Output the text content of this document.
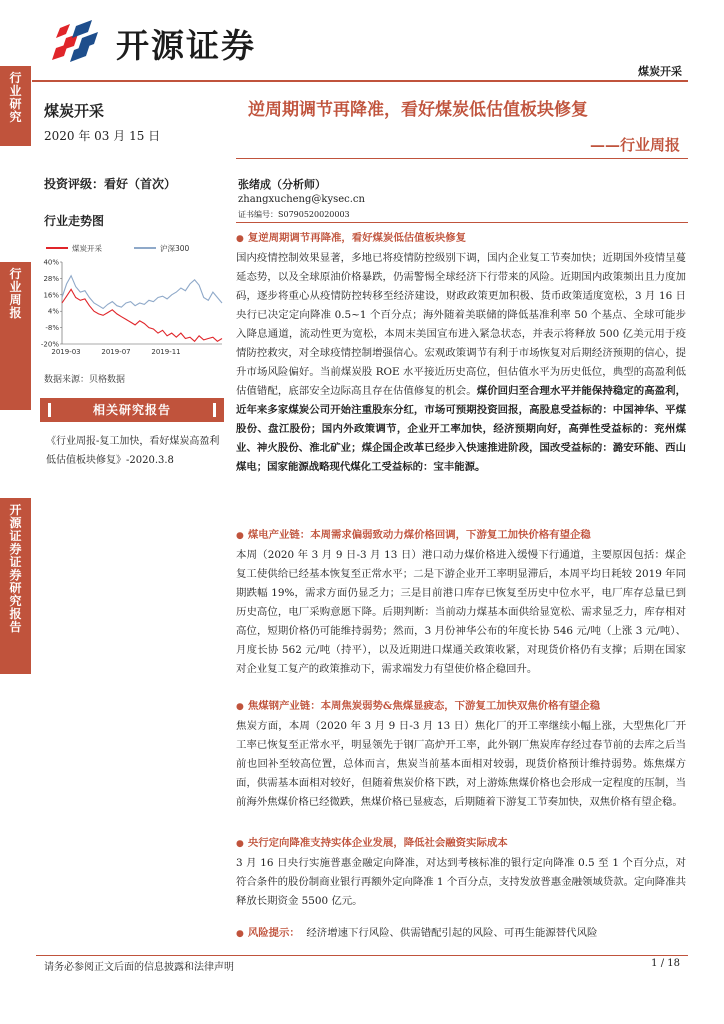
行业研究
行业周报
开源证券 证券研究报告
开源证券
煤炭开采
煤炭开采
2020 年 03 月 15 日
投资评级：看好（首次）
行业走势图
煤炭开采	沪深300
40%
28%
16%
4%
-8%
-20%
2019-03	2019-07	2019-11
数据来源：贝格数据
相关研究报告
《行业周报-复工加快，看好煤炭高盈利低估值板块修复》-2020.3.8
逆周期调节再降准，看好煤炭低估值板块修复
——行业周报
张绪成（分析师）
zhangxucheng@kysec.cn
证书编号：S0790520020003
● 复逆周期调节再降准，看好煤炭低估值板块修复
国内疫情控制效果显著，多地已将疫情防控级别下调，国内企业复工节奏加快；近期国外疫情呈蔓延态势，以及全球原油价格暴跌，仍需警惕全球经济下行带来的风险。近期国内政策频出且力度加码，逐步将重心从疫情防控转移至经济建设，财政政策更加积极、货币政策适度宽松，3 月 16 日央行已决定定向降准 0.5~1 个百分点；海外随着美联储的降低基准利率 50 个基点、全球可能步入降息通道，流动性更为宽松，本周末美国宣布进入紧急状态，并表示将释放 500 亿美元用于疫情防控救灾，对全球疫情控制增强信心。宏观政策调节有利于市场恢复对后期经济预期的信心，提升市场风险偏好。当前煤炭股 ROE 水平接近历史高位，但估值水平为历史低位，典型的高盈利低估值错配，底部安全边际高且存在估值修复的机会。煤价回归至合理水平并能保持稳定的高盈利，近年来多家煤炭公司开始注重股东分红，市场可预期投资回报，高股息受益标的：中国神华、平煤股份、盘江股份；国内外政策调节，企业开工率加快，经济预期向好，高弹性受益标的：兖州煤业、神火股份、淮北矿业；煤企国企改革已经步入快速推进阶段，国改受益标的：潞安环能、西山煤电；国家能源战略现代煤化工受益标的：宝丰能源。
● 煤电产业链：本周需求偏弱致动力煤价格回调，下游复工加快价格有望企稳
本周（2020 年 3 月 9 日-3 月 13 日）港口动力煤价格进入缓慢下行通道，主要原因包括：煤企复工使供给已经基本恢复至正常水平；二是下游企业开工率明显滞后，本周平均日耗较 2019 年同期跌幅 19%，需求方面仍显乏力；三是目前港口库存已恢复至历史中位水平，电厂库存总量已到历史高位，电厂采购意愿下降。后期判断：当前动力煤基本面供给显宽松、需求显乏力，库存相对高位，短期价格仍可能维持弱势；然而，3 月份神华公布的年度长协 546 元/吨（上涨 3 元/吨）、月度长协 562 元/吨（持平），以及近期进口煤通关政策收紧，对现货价格仍有支撑；后期在国家对企业复工复产的政策推动下，需求端发力有望使价格企稳回升。
● 焦煤钢产业链：本周焦炭弱势&焦煤显疲态，下游复工加快双焦价格有望企稳
焦炭方面，本周（2020 年 3 月 9 日-3 月 13 日）焦化厂的开工率继续小幅上涨，大型焦化厂开工率已恢复至正常水平，明显领先于钢厂高炉开工率，此外钢厂焦炭库存经过春节前的去库之后当前也回补至较高位置，总体而言，焦炭当前基本面相对较弱，现货价格预计维持弱势。炼焦煤方面，供需基本面相对较好，但随着焦炭价格下跌，对上游炼焦煤价格也会形成一定程度的压制，当前海外焦煤价格已经微跌，焦煤价格已显疲态，后期随着下游复工节奏加快，双焦价格有望企稳。
● 央行定向降准支持实体企业发展，降低社会融资实际成本
3 月 16 日央行实施普惠金融定向降准，对达到考核标准的银行定向降准 0.5 至 1 个百分点，对符合条件的股份制商业银行再额外定向降准 1 个百分点，支持发放普惠金融领域贷款。定向降准共释放长期资金 5500 亿元。
● 风险提示： 经济增速下行风险、供需错配引起的风险、可再生能源替代风险
请务必参阅正文后面的信息披露和法律声明	1 / 18
